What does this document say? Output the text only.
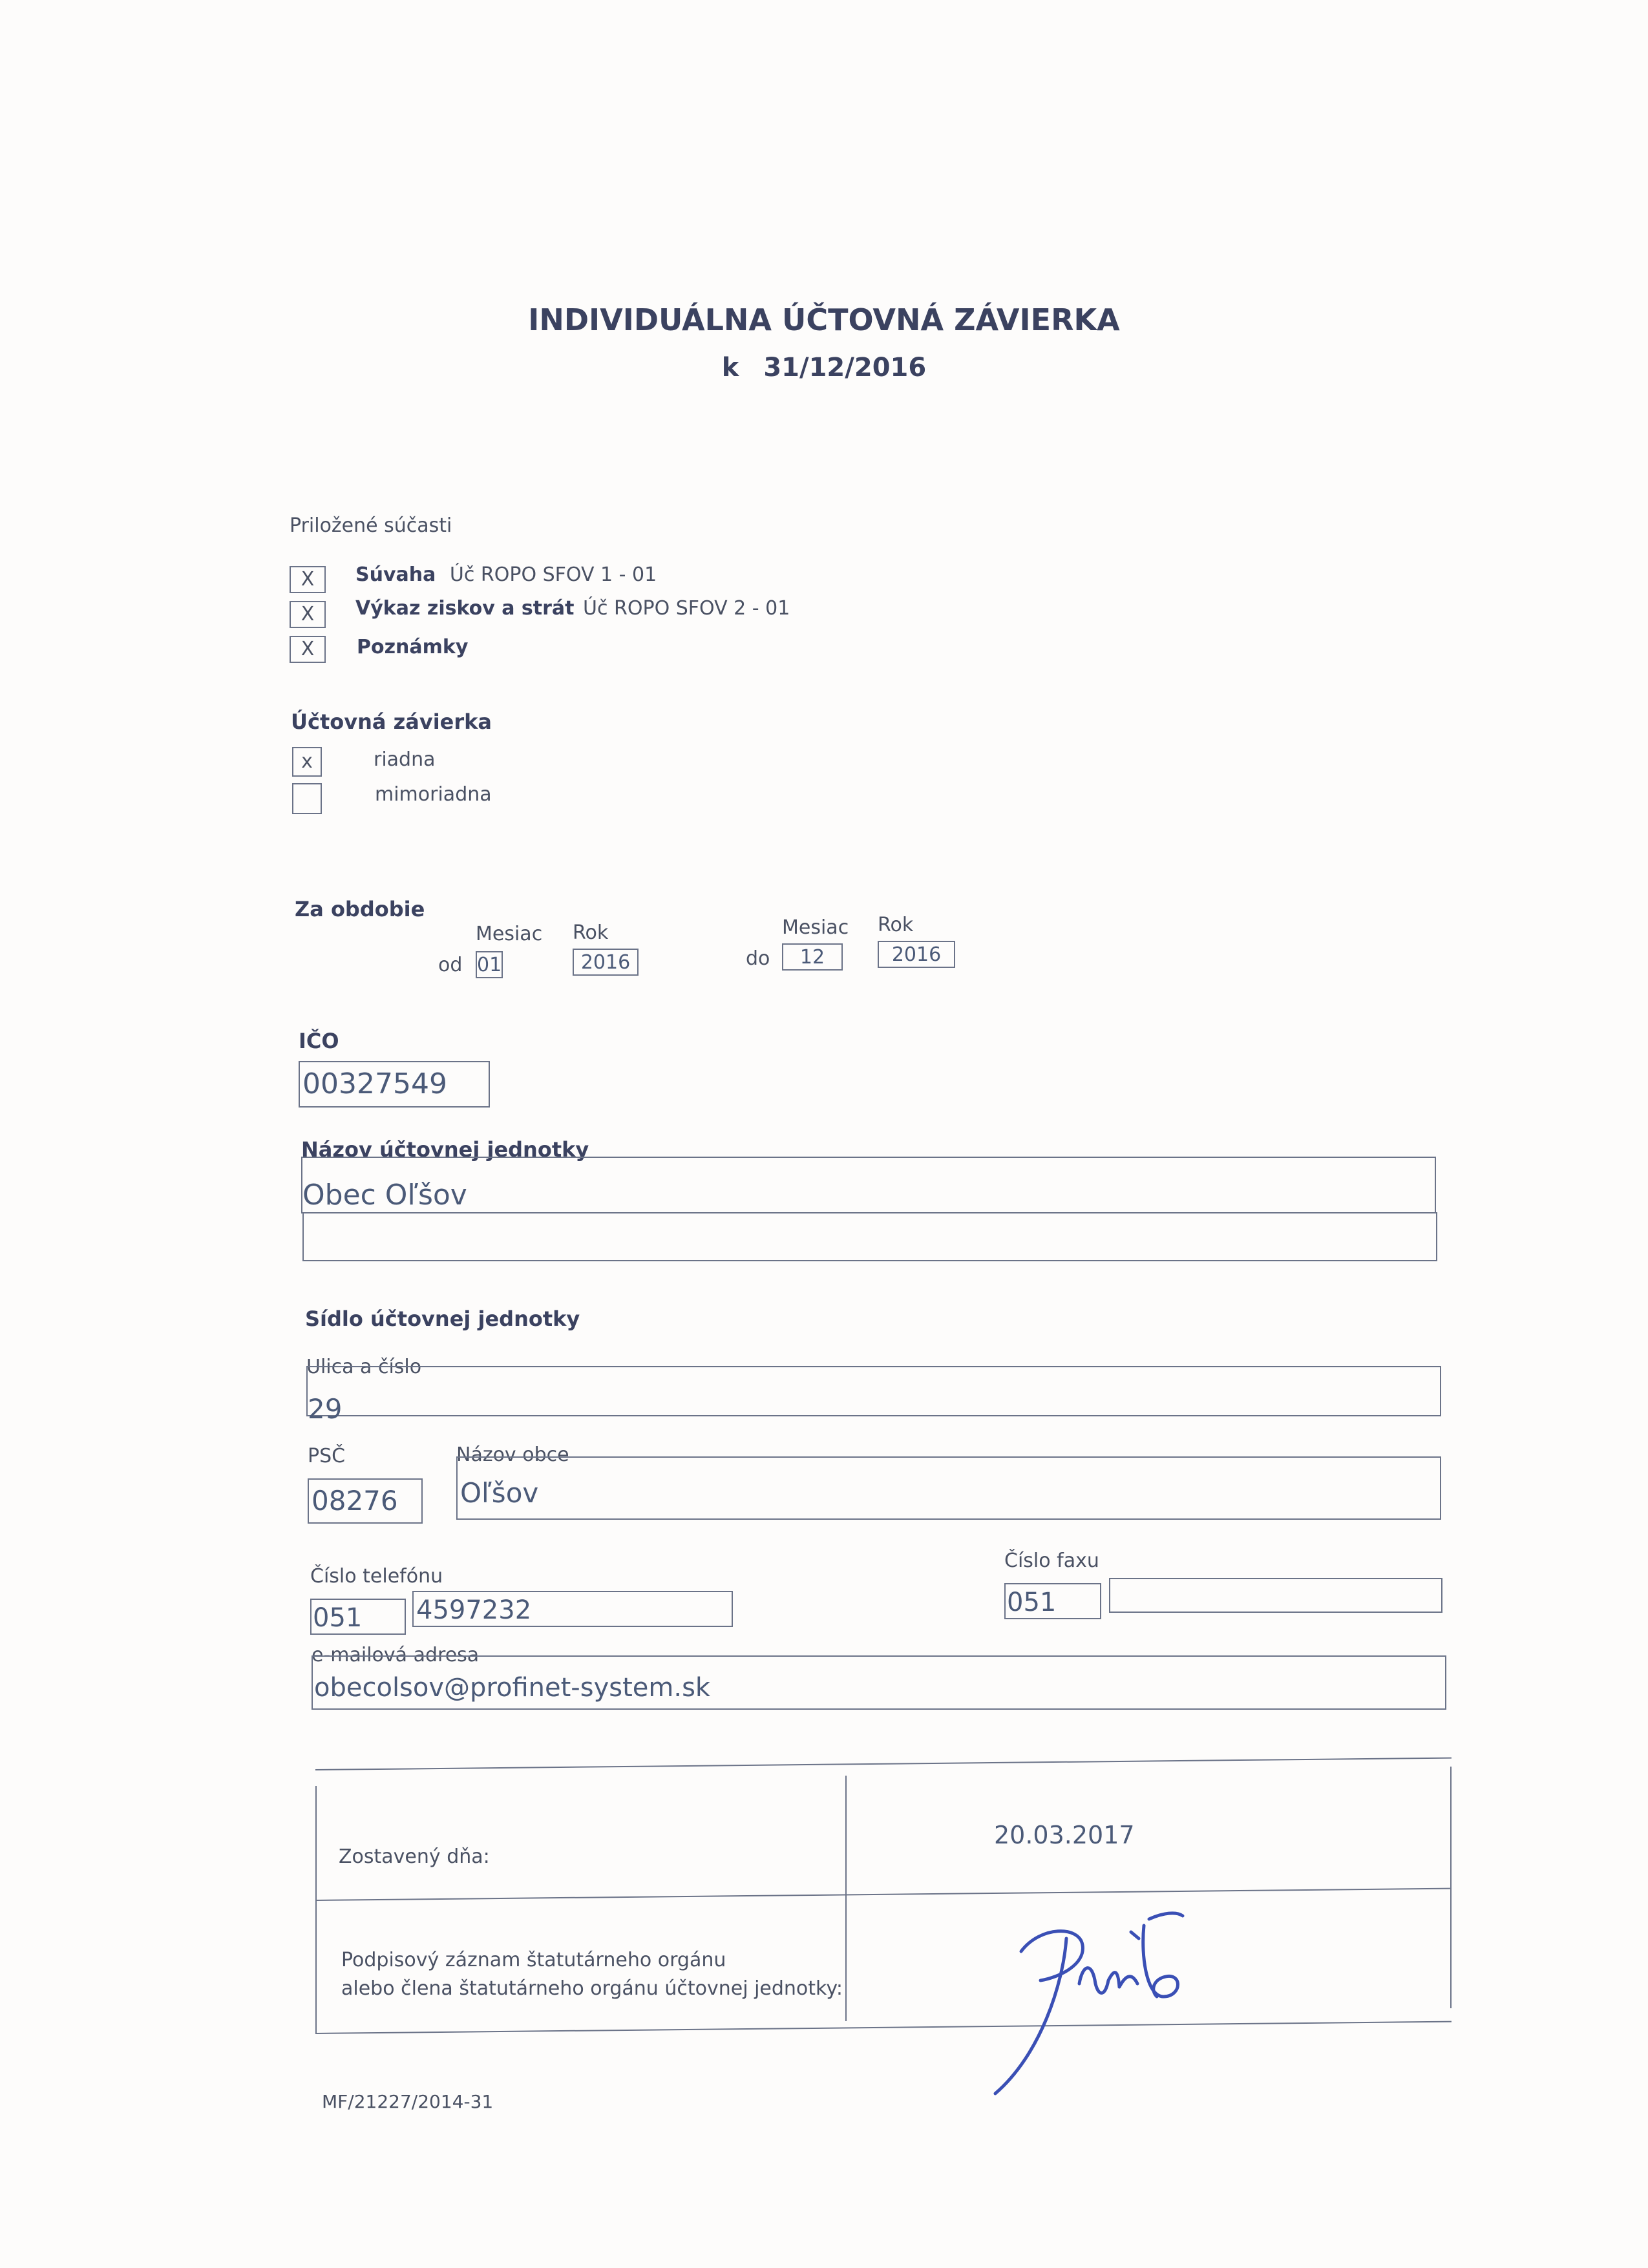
INDIVIDUÁLNA ÚČTOVNÁ ZÁVIERKA
k 31/12/2016
Priložené súčasti
X	Súvaha Úč ROPO SFOV 1 - 01
X	Výkaz ziskov a strát Úč ROPO SFOV 2 - 01
X	Poznámky
Účtovná závierka
x	riadna
mimoriadna
Za obdobie
Mesiac Rok	Mesiac Rok
od 01	2016	do	12	2016
IČO
00327549
Názov účtovnej jednotky
Obec Oľšov
Sídlo účtovnej jednotky
Ulica a číslo
29
PSČ
08276
Názov obce
Oľšov
Číslo telefónu
051 4597232
Číslo faxu
051
e-mailová adresa
obecolsov@profinet-system.sk
Zostavený dňa:
20.03.2017
Podpisový záznam štatutárneho orgánu
alebo člena štatutárneho orgánu účtovnej jednotky:
MF/21227/2014-31
